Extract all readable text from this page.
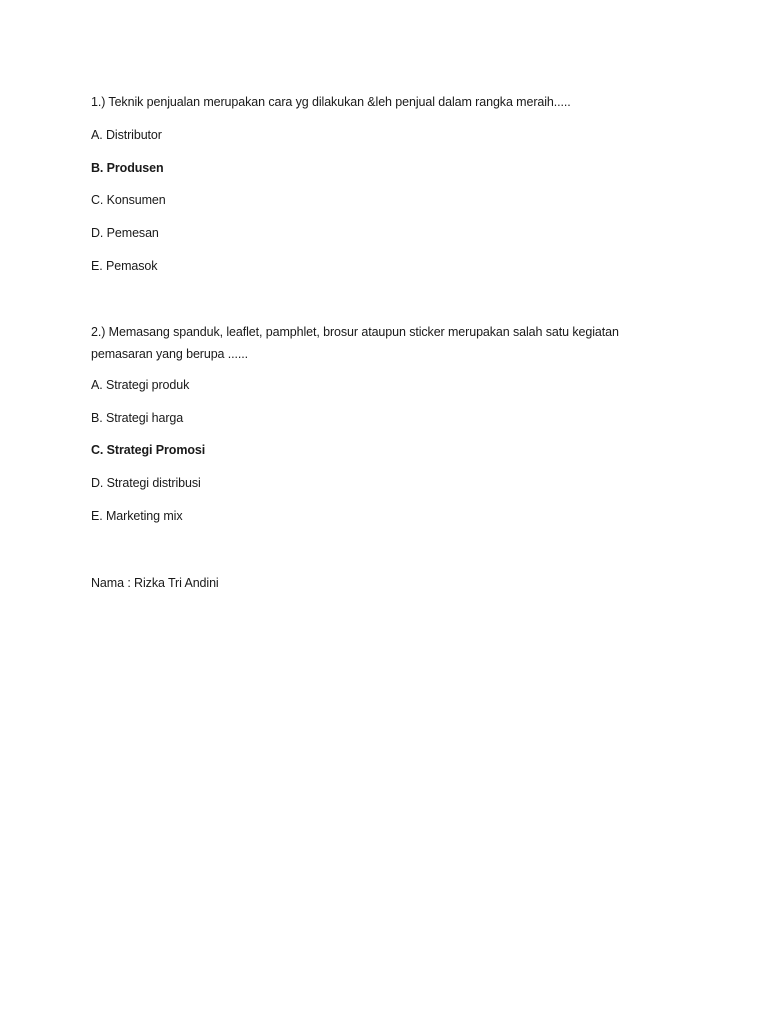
1.) Teknik penjualan merupakan cara yg dilakukan &leh penjual dalam rangka meraih.....
A. Distributor
B. Produsen
C. Konsumen
D. Pemesan
E. Pemasok
2.) Memasang spanduk, leaflet, pamphlet, brosur ataupun sticker merupakan salah satu kegiatan
pemasaran yang berupa ......
A. Strategi produk
B. Strategi harga
C. Strategi Promosi
D. Strategi distribusi
E. Marketing mix
Nama : Rizka Tri Andini
